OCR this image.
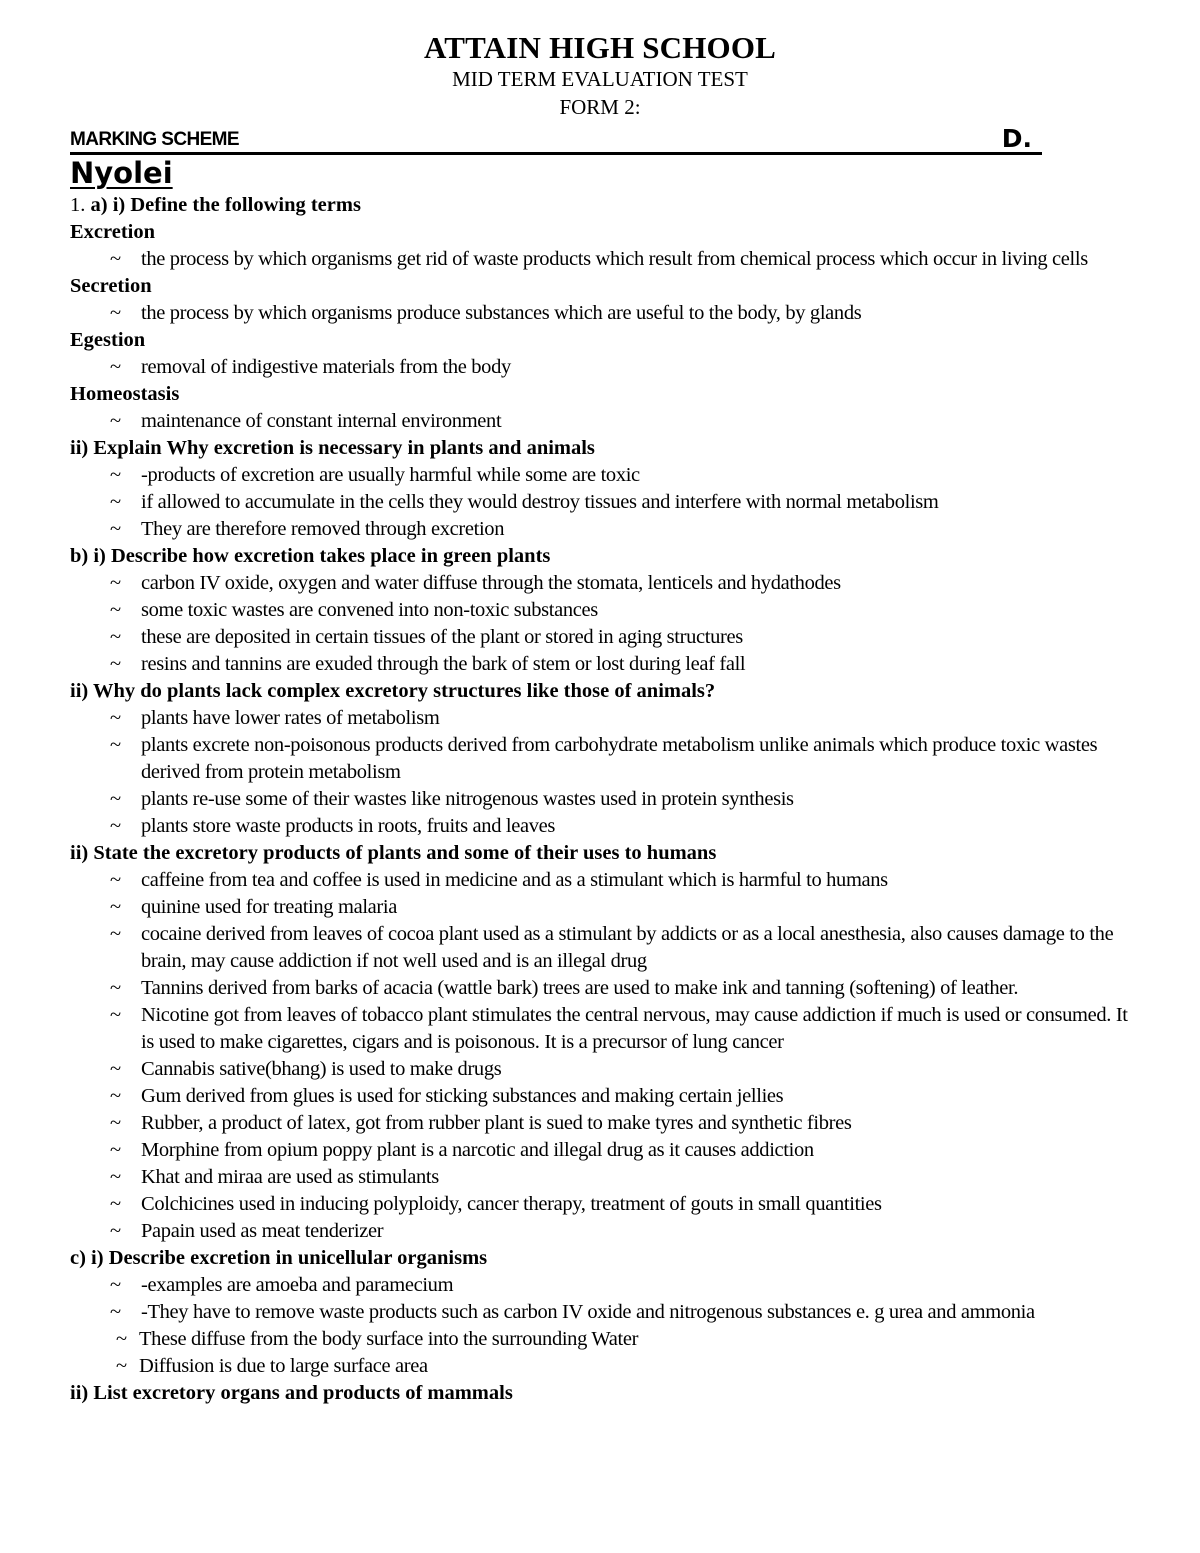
ATTAIN HIGH SCHOOL
MID TERM EVALUATION TEST
FORM 2:
MARKING SCHEME	D.
Nyolei

1. a) i) Define the following terms

Excretion

~ the process by which organisms get rid of waste products which result from chemical process which occur in living cells

Secretion

~ the process by which organisms produce substances which are useful to the body, by glands

Egestion

~ removal of indigestive materials from the body

Homeostasis

~ maintenance of constant internal environment

ii) Explain Why excretion is necessary in plants and animals

~ -products of excretion are usually harmful while some are toxic
~ if allowed to accumulate in the cells they would destroy tissues and interfere with normal metabolism
~ They are therefore removed through excretion

b) i) Describe how excretion takes place in green plants

~ carbon IV oxide, oxygen and water diffuse through the stomata, lenticels and hydathodes
~ some toxic wastes are convened into non-toxic substances
~ these are deposited in certain tissues of the plant or stored in aging structures
~ resins and tannins are exuded through the bark of stem or lost during leaf fall

ii) Why do plants lack complex excretory structures like those of animals?

~ plants have lower rates of metabolism
~ plants excrete non-poisonous products derived from carbohydrate metabolism unlike animals which produce toxic wastes derived from protein metabolism
~ plants re-use some of their wastes like nitrogenous wastes used in protein synthesis
~ plants store waste products in roots, fruits and leaves

ii) State the excretory products of plants and some of their uses to humans

~ caffeine from tea and coffee is used in medicine and as a stimulant which is harmful to humans
~ quinine used for treating malaria
~ cocaine derived from leaves of cocoa plant used as a stimulant by addicts or as a local anesthesia, also causes damage to the brain, may cause addiction if not well used and is an illegal drug
~ Tannins derived from barks of acacia (wattle bark) trees are used to make ink and tanning (softening) of leather.
~ Nicotine got from leaves of tobacco plant stimulates the central nervous, may cause addiction if much is used or consumed. It is used to make cigarettes, cigars and is poisonous. It is a precursor of lung cancer
~ Cannabis sative(bhang) is used to make drugs
~ Gum derived from glues is used for sticking substances and making certain jellies
~ Rubber, a product of latex, got from rubber plant is sued to make tyres and synthetic fibres
~ Morphine from opium poppy plant is a narcotic and illegal drug as it causes addiction
~ Khat and miraa are used as stimulants
~ Colchicines used in inducing polyploidy, cancer therapy, treatment of gouts in small quantities
~ Papain used as meat tenderizer

c) i) Describe excretion in unicellular organisms

~ -examples are amoeba and paramecium
~ -They have to remove waste products such as carbon IV oxide and nitrogenous substances e. g urea and ammonia
~ These diffuse from the body surface into the surrounding Water
~ Diffusion is due to large surface area

ii) List excretory organs and products of mammals
